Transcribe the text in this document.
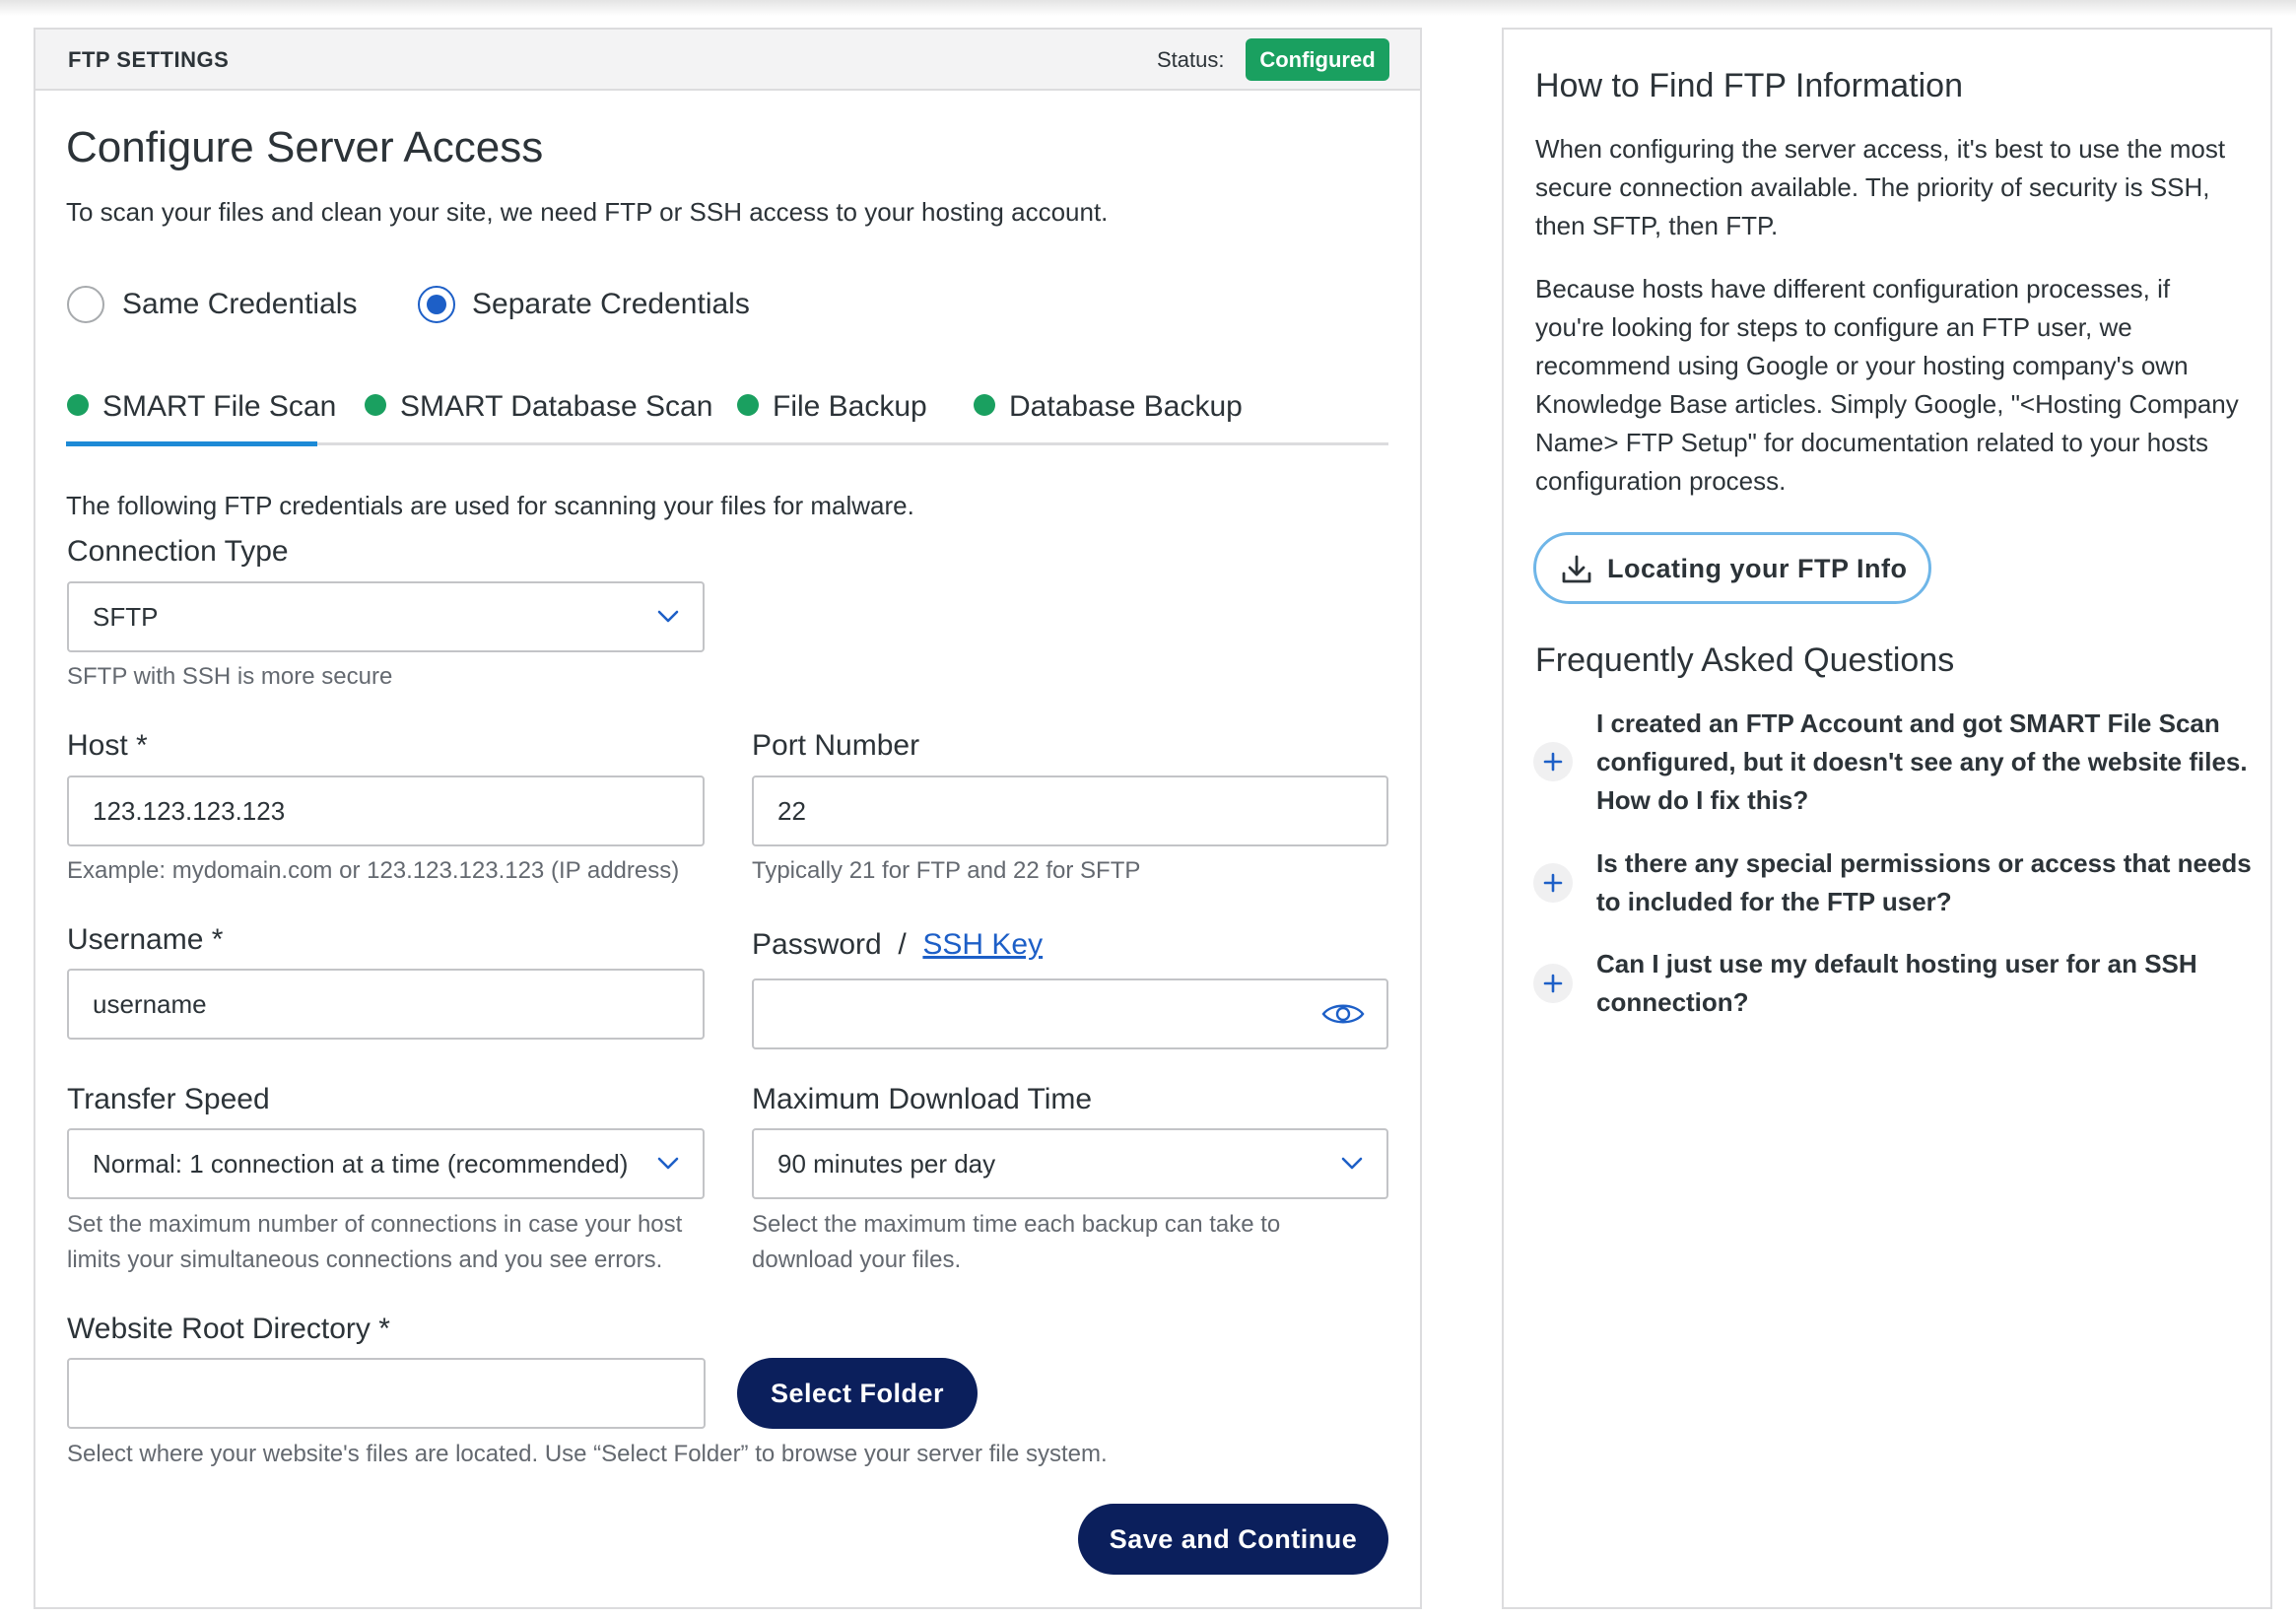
FTP SETTINGS	Status:	Configured
Configure Server Access

To scan your files and clean your site, we need FTP or SSH access to your hosting account.

Same Credentials	Separate Credentials
SMART File Scan	SMART Database Scan	File Backup	Database Backup

The following FTP credentials are used for scanning your files for malware.

Connection Type
SFTP
SFTP with SSH is more secure
Host *
123.123.123.123
Example: mydomain.com or 123.123.123.123 (IP address)
Port Number
22
Typically 21 for FTP and 22 for SFTP
Username *
username
Password / SSH Key
Transfer Speed
Normal: 1 connection at a time (recommended)
Set the maximum number of connections in case your host
limits your simultaneous connections and you see errors.
Maximum Download Time
90 minutes per day
Select the maximum time each backup can take to
download your files.
Website Root Directory *
Select Folder
Select where your website's files are located. Use “Select Folder” to browse your server file system.
Save and Continue
How to Find FTP Information
When configuring the server access, it's best to use the most
secure connection available. The priority of security is SSH,
then SFTP, then FTP.
Because hosts have different configuration processes, if
you're looking for steps to configure an FTP user, we
recommend using Google or your hosting company's own
Knowledge Base articles. Simply Google, "<Hosting Company
Name> FTP Setup" for documentation related to your hosts
configuration process.
Locating your FTP Info
Frequently Asked Questions
I created an FTP Account and got SMART File Scan
configured, but it doesn't see any of the website files.
How do I fix this?
Is there any special permissions or access that needs
to included for the FTP user?
Can I just use my default hosting user for an SSH
connection?
